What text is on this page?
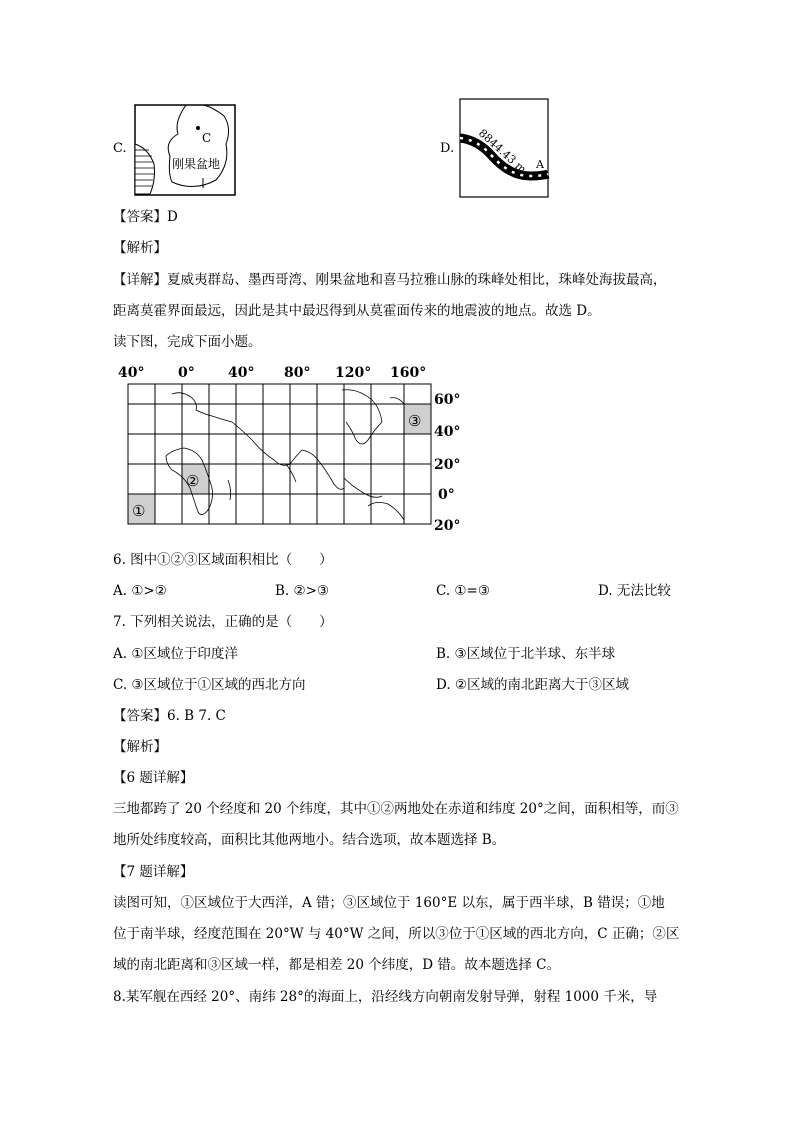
C.
C
刚果盆地
D. 8844.43 m A
【答案】D
【解析】
【详解】夏威夷群岛、墨西哥湾、刚果盆地和喜马拉雅山脉的珠峰处相比，珠峰处海拔最高，
距离莫霍界面最远，因此是其中最迟得到从莫霍面传来的地震波的地点。故选 D。
读下图，完成下面小题。
40° 0° 40° 80° 120° 160°
60°
40°
20°
0°
20°
①
②
③
6. 图中①②③区域面积相比（　　）
A. ①>②	B. ②>③	C. ①=③	D. 无法比较
7. 下列相关说法，正确的是（　　）
A. ①区域位于印度洋	B. ③区域位于北半球、东半球
C. ③区域位于①区域的西北方向	D. ②区域的南北距离大于③区域
【答案】6. B 7. C
【解析】
【6 题详解】
三地都跨了 20 个经度和 20 个纬度，其中①②两地处在赤道和纬度 20°之间，面积相等，而③
地所处纬度较高，面积比其他两地小。结合选项，故本题选择 B。
【7 题详解】
读图可知，①区域位于大西洋，A 错；③区域位于 160°E 以东，属于西半球，B 错误；①地
位于南半球，经度范围在 20°W 与 40°W 之间，所以③位于①区域的西北方向，C 正确；②区
域的南北距离和③区域一样，都是相差 20 个纬度，D 错。故本题选择 C。
8.某军舰在西经 20°、南纬 28°的海面上，沿经线方向朝南发射导弹，射程 1000 千米，导
